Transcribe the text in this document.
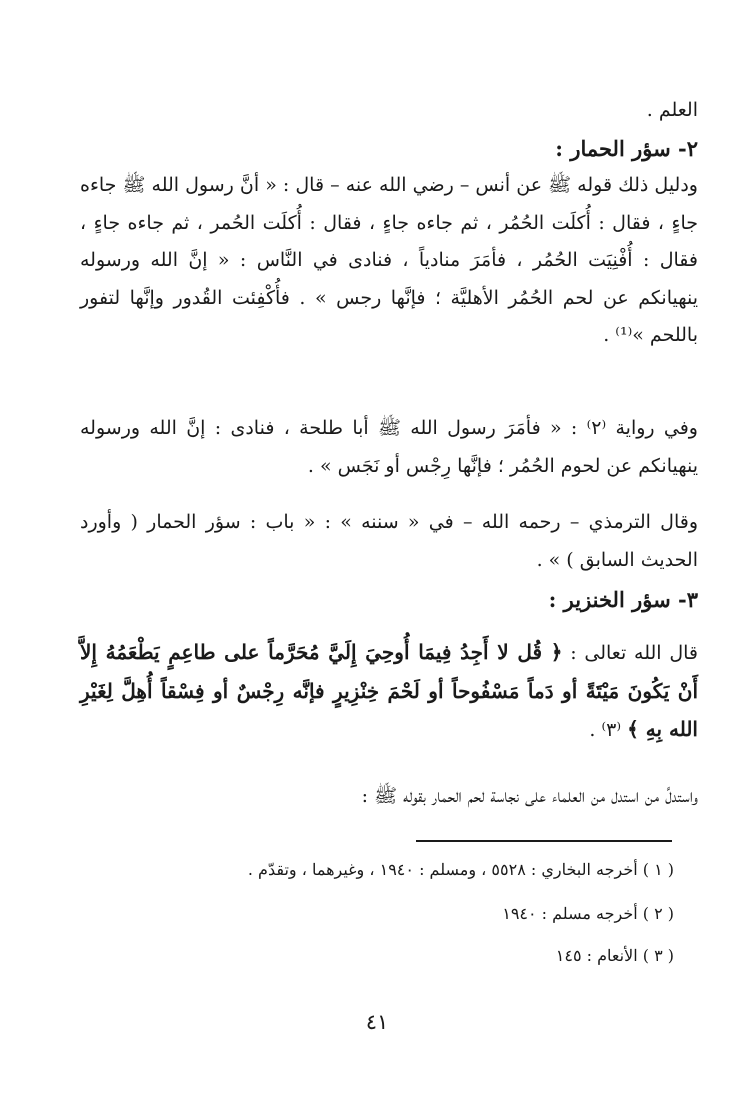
العلم .

٢- سؤر الحمار :

ودليل ذلك قوله ﷺ عن أنس – رضي الله عنه – قال : « أنَّ رسول الله ﷺ جاءه جاءٍ ، فقال : أُكلَت الحُمُر ، ثم جاءه جاءٍ ، فقال : أُكلَت الحُمر ، ثم جاءه جاءٍ ، فقال : أُفْنِيَت الحُمُر ، فأمَرَ منادياً ، فنادى في النَّاس : « إنَّ الله ورسوله ينهيانكم عن لحم الحُمُر الأهليَّة ؛ فإنَّها رجس » . فأُكْفِئت القُدور وإنَّها لتفور باللحم »⁽¹⁾ .

وفي رواية ⁽٢⁾ : « فأمَرَ رسول الله ﷺ أبا طلحة ، فنادى : إنَّ الله ورسوله ينهيانكم عن لحوم الحُمُر ؛ فإنَّها رِجْس أو نَجَس » .

وقال الترمذي – رحمه الله – في « سننه » : « باب : سؤر الحمار ( وأورد الحديث السابق ) » .

٣- سؤر الخنزير :

قال الله تعالى : ﴿ قُل لا أَجِدُ فِيمَا أُوحِيَ إِلَيَّ مُحَرَّماً على طاعِمٍ يَطْعَمُهُ إِلاَّ أَنْ يَكُونَ مَيْتَةً أو دَماً مَسْفُوحاً أو لَحْمَ خِنْزِيرٍ فإنَّه رِجْسٌ أو فِسْقاً أُهِلَّ لِغَيْرِ الله بِهِ ﴾ ⁽٣⁾ .

واستدلَّ من استدل من العلماء على نجاسة لحم الحمار بقوله ﷺ :

( ١ ) أخرجه البخاري : ٥٥٢٨ ، ومسلم : ١٩٤٠ ، وغيرهما ، وتقدّم .

( ٢ ) أخرجه مسلم : ١٩٤٠

( ٣ ) الأنعام : ١٤٥

٤١
